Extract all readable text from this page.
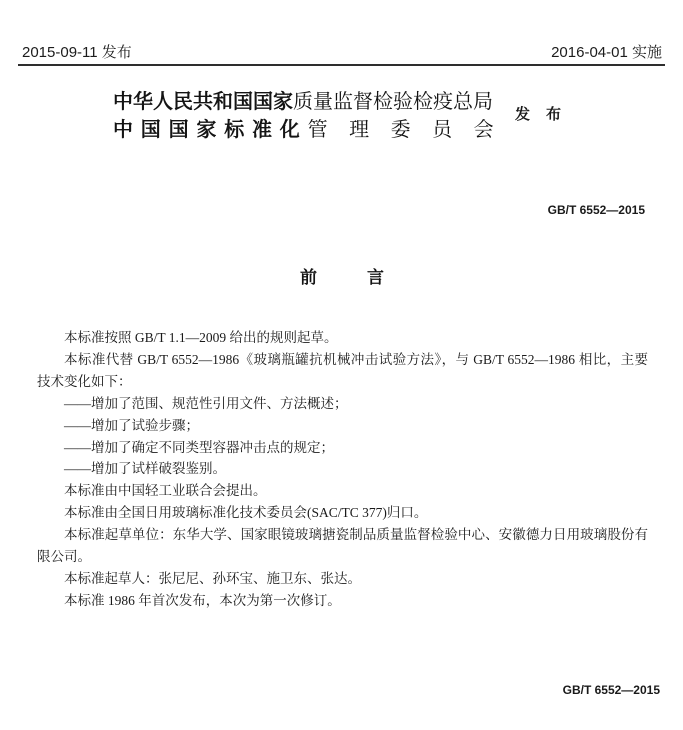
2015-09-11 发布	2016-04-01 实施
中华人民共和国国家质量监督检验检疫总局
中国国家标准化管理委员会
发布
GB/T 6552—2015
前　言

本标准按照 GB/T 1.1—2009 给出的规则起草。

本标准代替 GB/T 6552—1986《玻璃瓶罐抗机械冲击试验方法》，与 GB/T 6552—1986 相比，主要技术变化如下：

——增加了范围、规范性引用文件、方法概述；

——增加了试验步骤；

——增加了确定不同类型容器冲击点的规定；

——增加了试样破裂鉴别。

本标准由中国轻工业联合会提出。

本标准由全国日用玻璃标准化技术委员会(SAC/TC 377)归口。

本标准起草单位：东华大学、国家眼镜玻璃搪瓷制品质量监督检验中心、安徽德力日用玻璃股份有限公司。

本标准起草人：张尼尼、孙环宝、施卫东、张达。

本标准 1986 年首次发布，本次为第一次修订。

GB/T 6552—2015
